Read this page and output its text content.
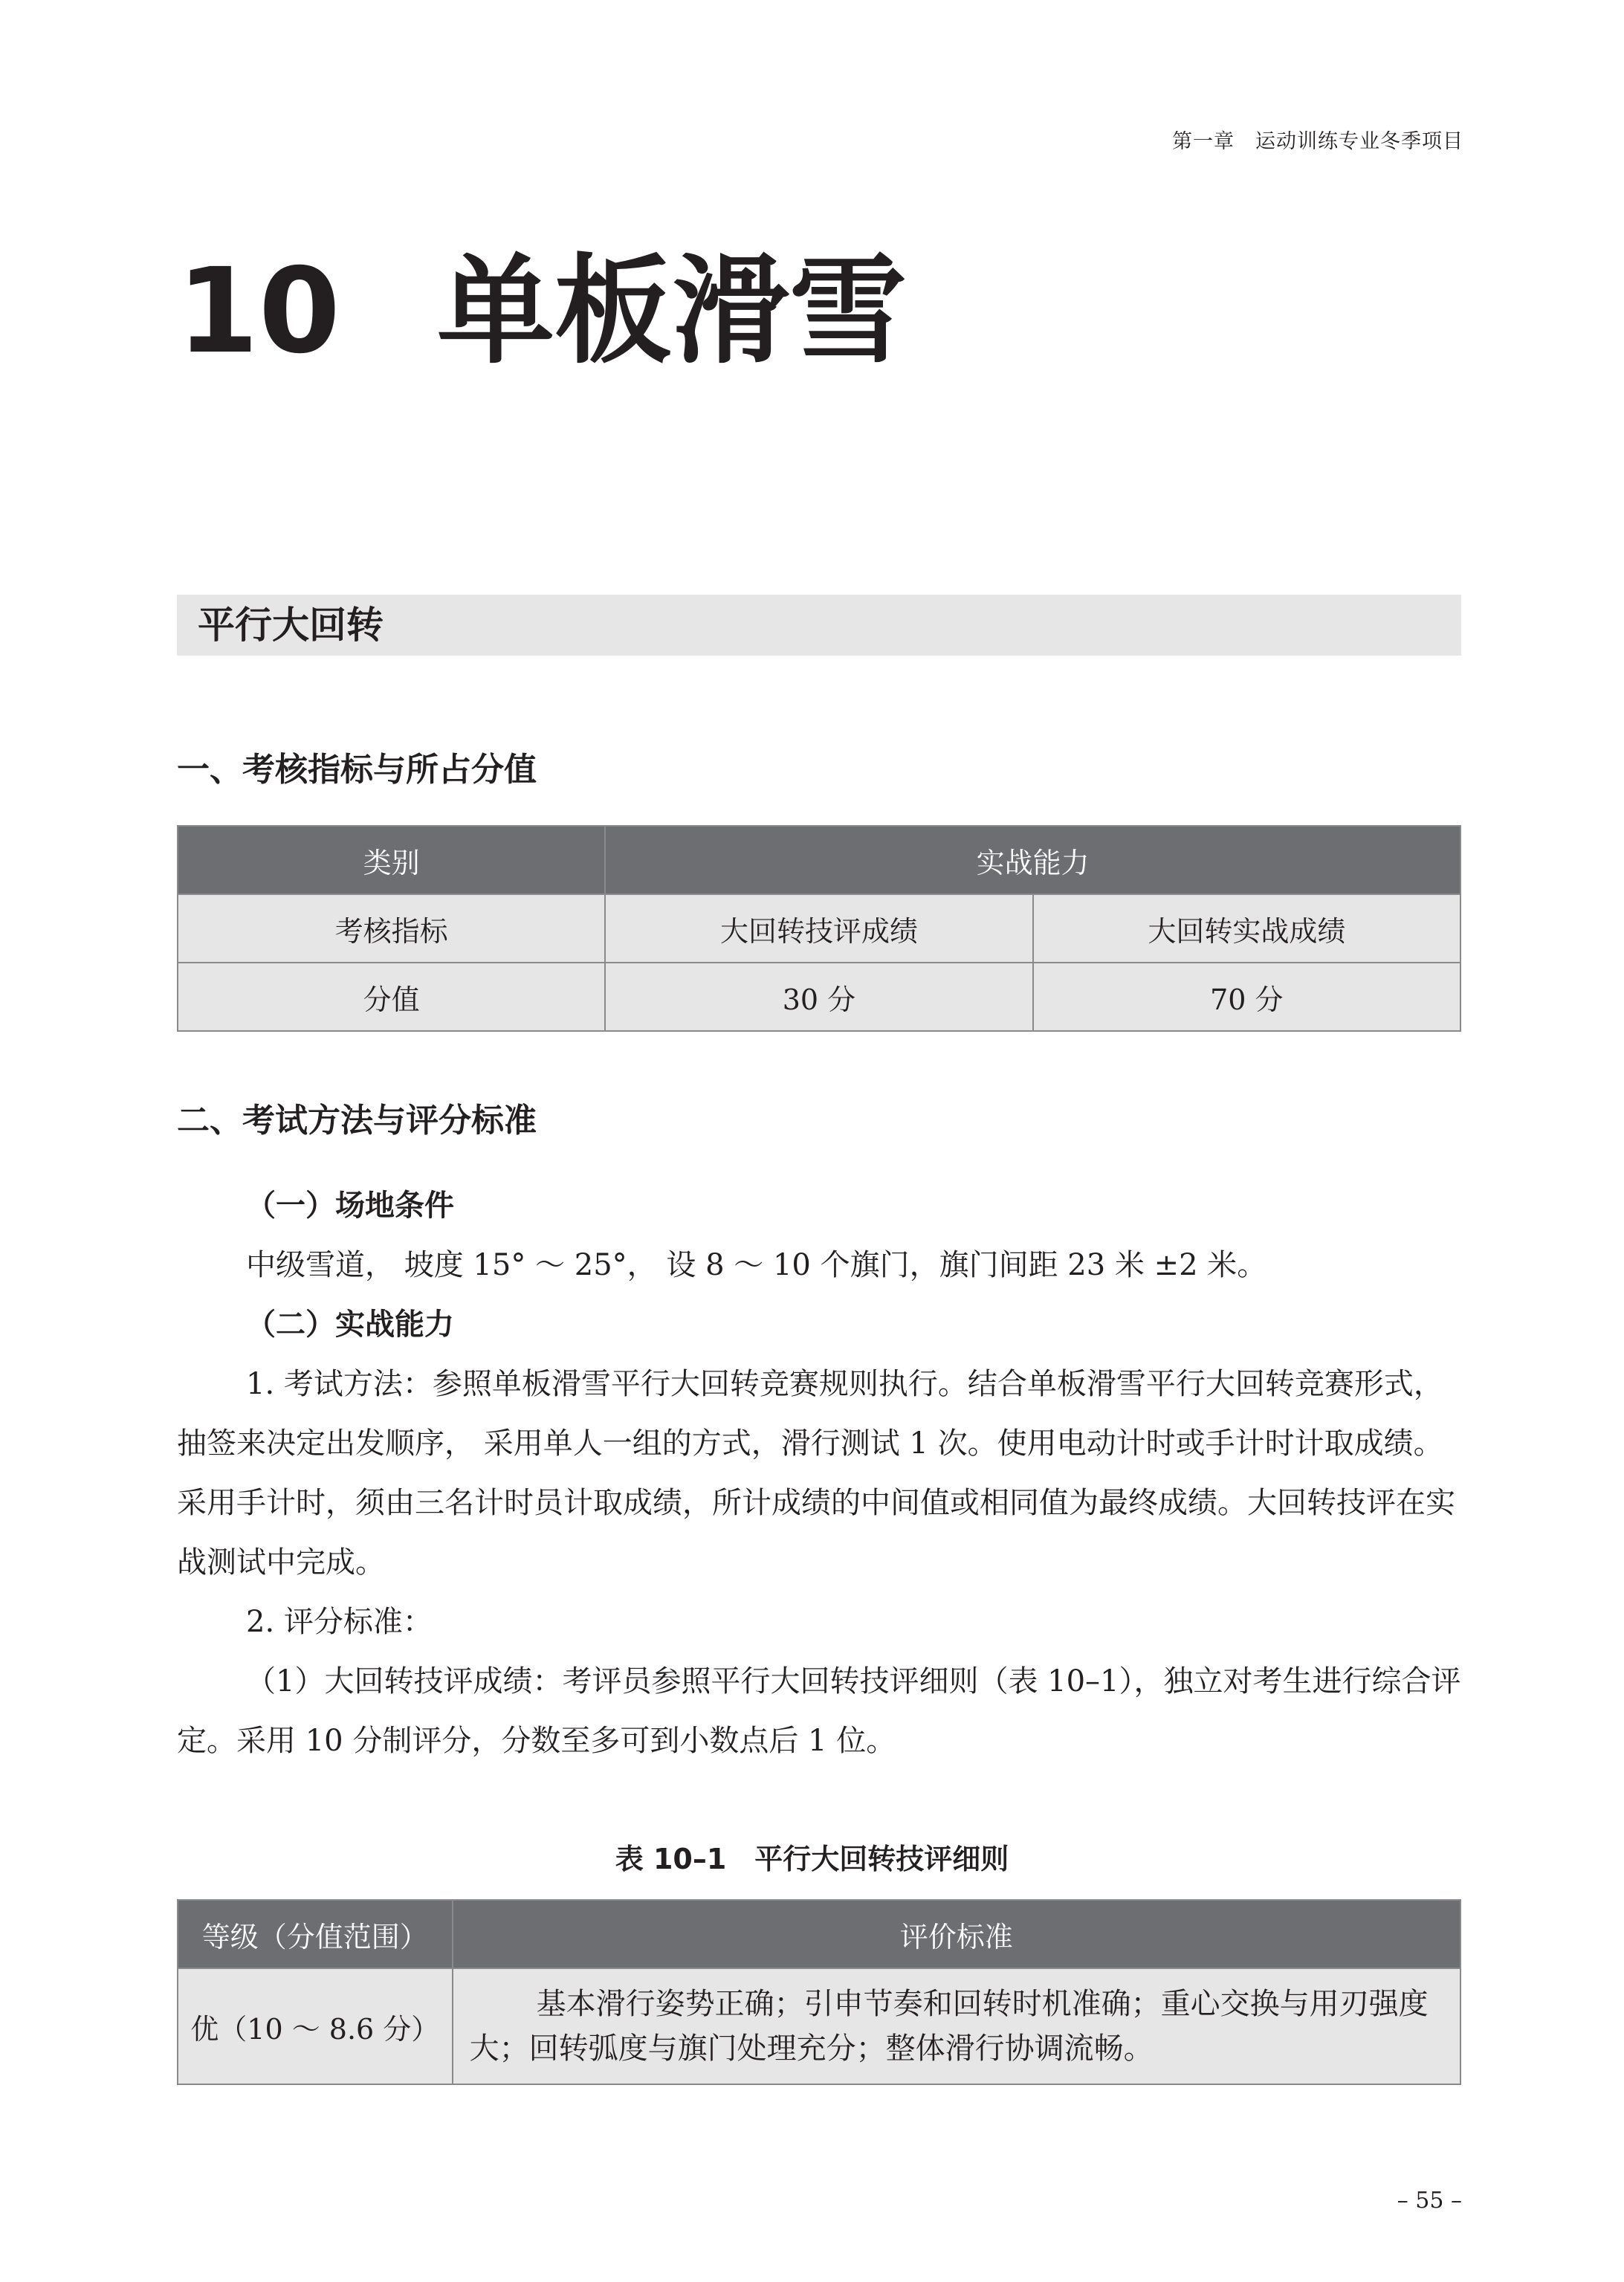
第一章　运动训练专业冬季项目
10 单板滑雪
平行大回转
一、考核指标与所占分值
类别	实战能力	
考核指标	大回转技评成绩	大回转实战成绩
分值	30 分	70 分
二、考试方法与评分标准

（一）场地条件

中级雪道， 坡度 15° ～ 25°， 设 8 ～ 10 个旗门，旗门间距 23 米 ±2 米。

（二）实战能力

1. 考试方法：参照单板滑雪平行大回转竞赛规则执行。结合单板滑雪平行大回转竞赛形式， 抽签来决定出发顺序， 采用单人一组的方式，滑行测试 1 次。使用电动计时或手计时计取成绩。采用手计时，须由三名计时员计取成绩，所计成绩的中间值或相同值为最终成绩。大回转技评在实战测试中完成。

2. 评分标准：

（1）大回转技评成绩：考评员参照平行大回转技评细则（表 10–1），独立对考生进行综合评定。采用 10 分制评分，分数至多可到小数点后 1 位。

表 10–1　平行大回转技评细则
等级（分值范围）	评价标准
优（10 ～ 8.6 分）	基本滑行姿势正确；引申节奏和回转时机准确；重心交换与用刃强度大；回转弧度与旗门处理充分；整体滑行协调流畅。
– 55 –
